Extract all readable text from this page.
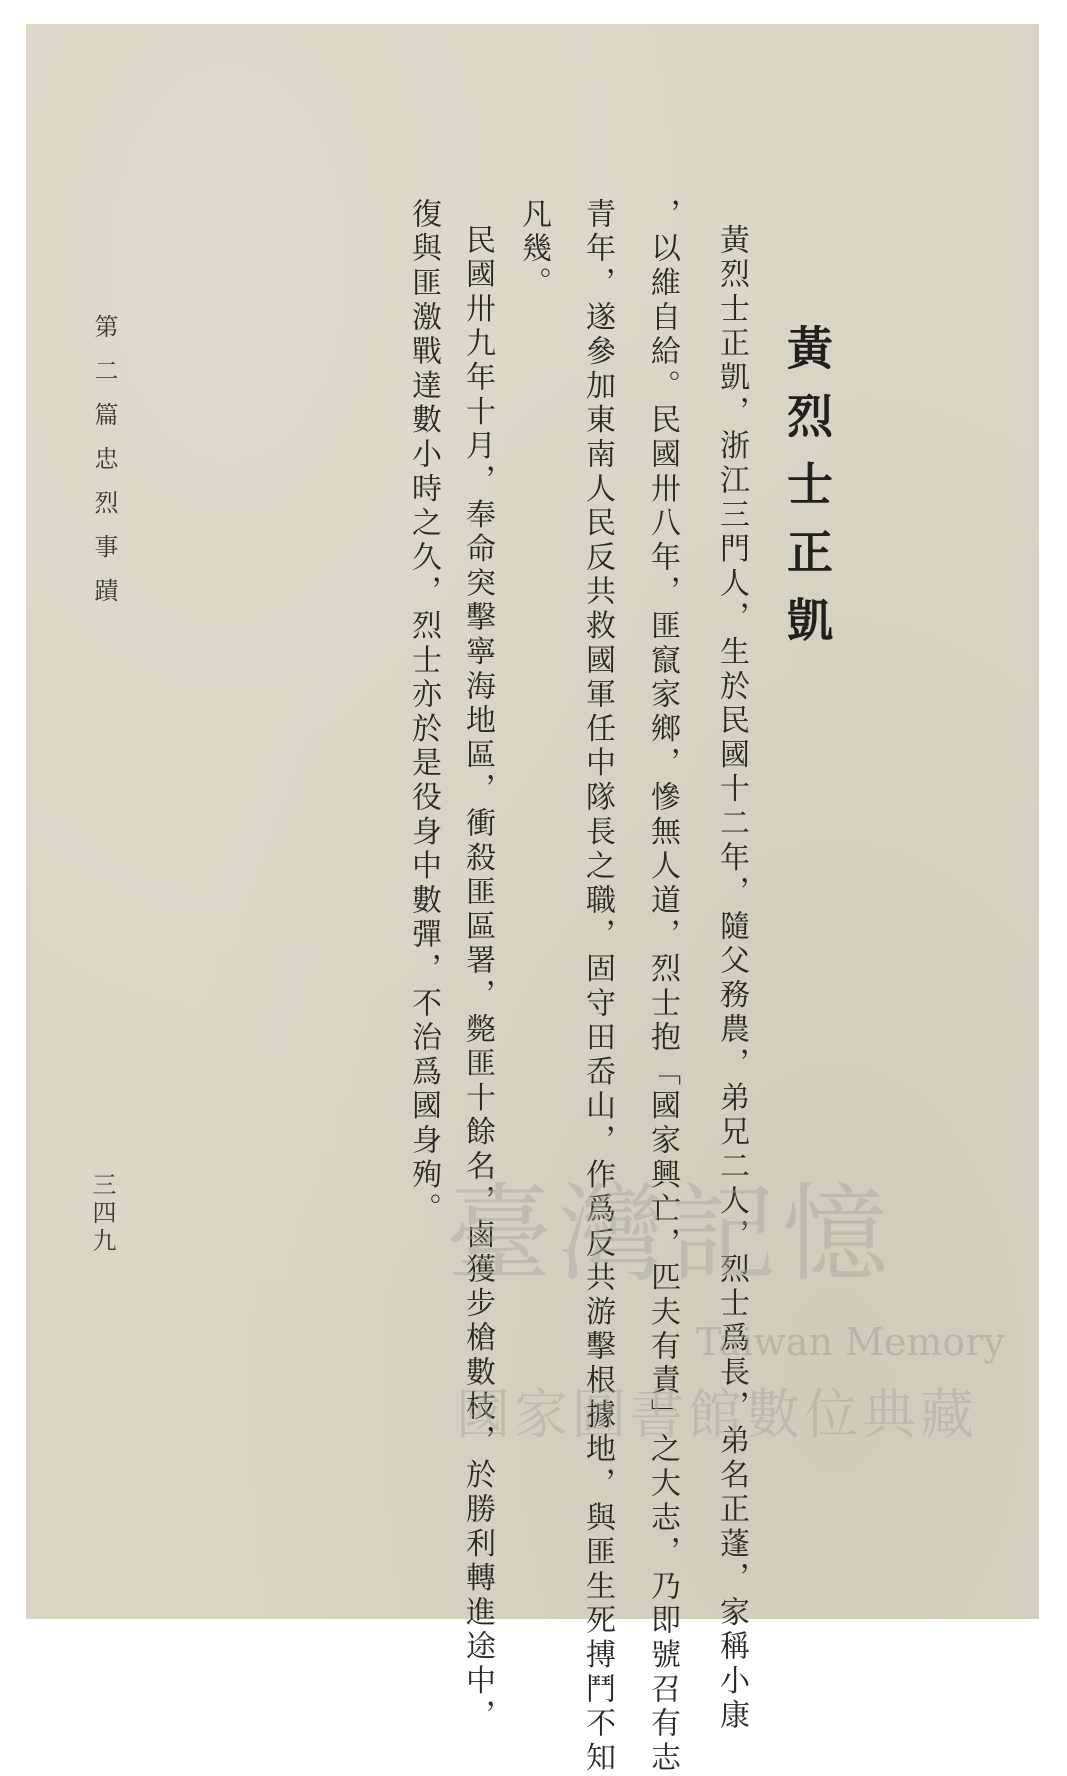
黃烈士正凱
黃烈士正凱，浙江三門人，生於民國十二年，隨父務農，弟兄二人，烈士爲長，弟名正蓬，家稱小康
，以維自給。民國卅八年，匪竄家鄉，慘無人道，烈士抱「國家興亡，匹夫有責」之大志，乃即號召有志
青年，遂參加東南人民反共救國軍任中隊長之職，固守田岙山，作爲反共游擊根據地，與匪生死搏鬥不知
凡幾。
民國卅九年十月，奉命突擊寧海地區，衝殺匪區署，斃匪十餘名，鹵獲步槍數枝，於勝利轉進途中，
復與匪激戰達數小時之久，烈士亦於是役身中數彈，不治爲國身殉。
第二篇忠烈事蹟
三四九	臺灣記憶
Taiwan Memory
國家圖書館數位典藏
